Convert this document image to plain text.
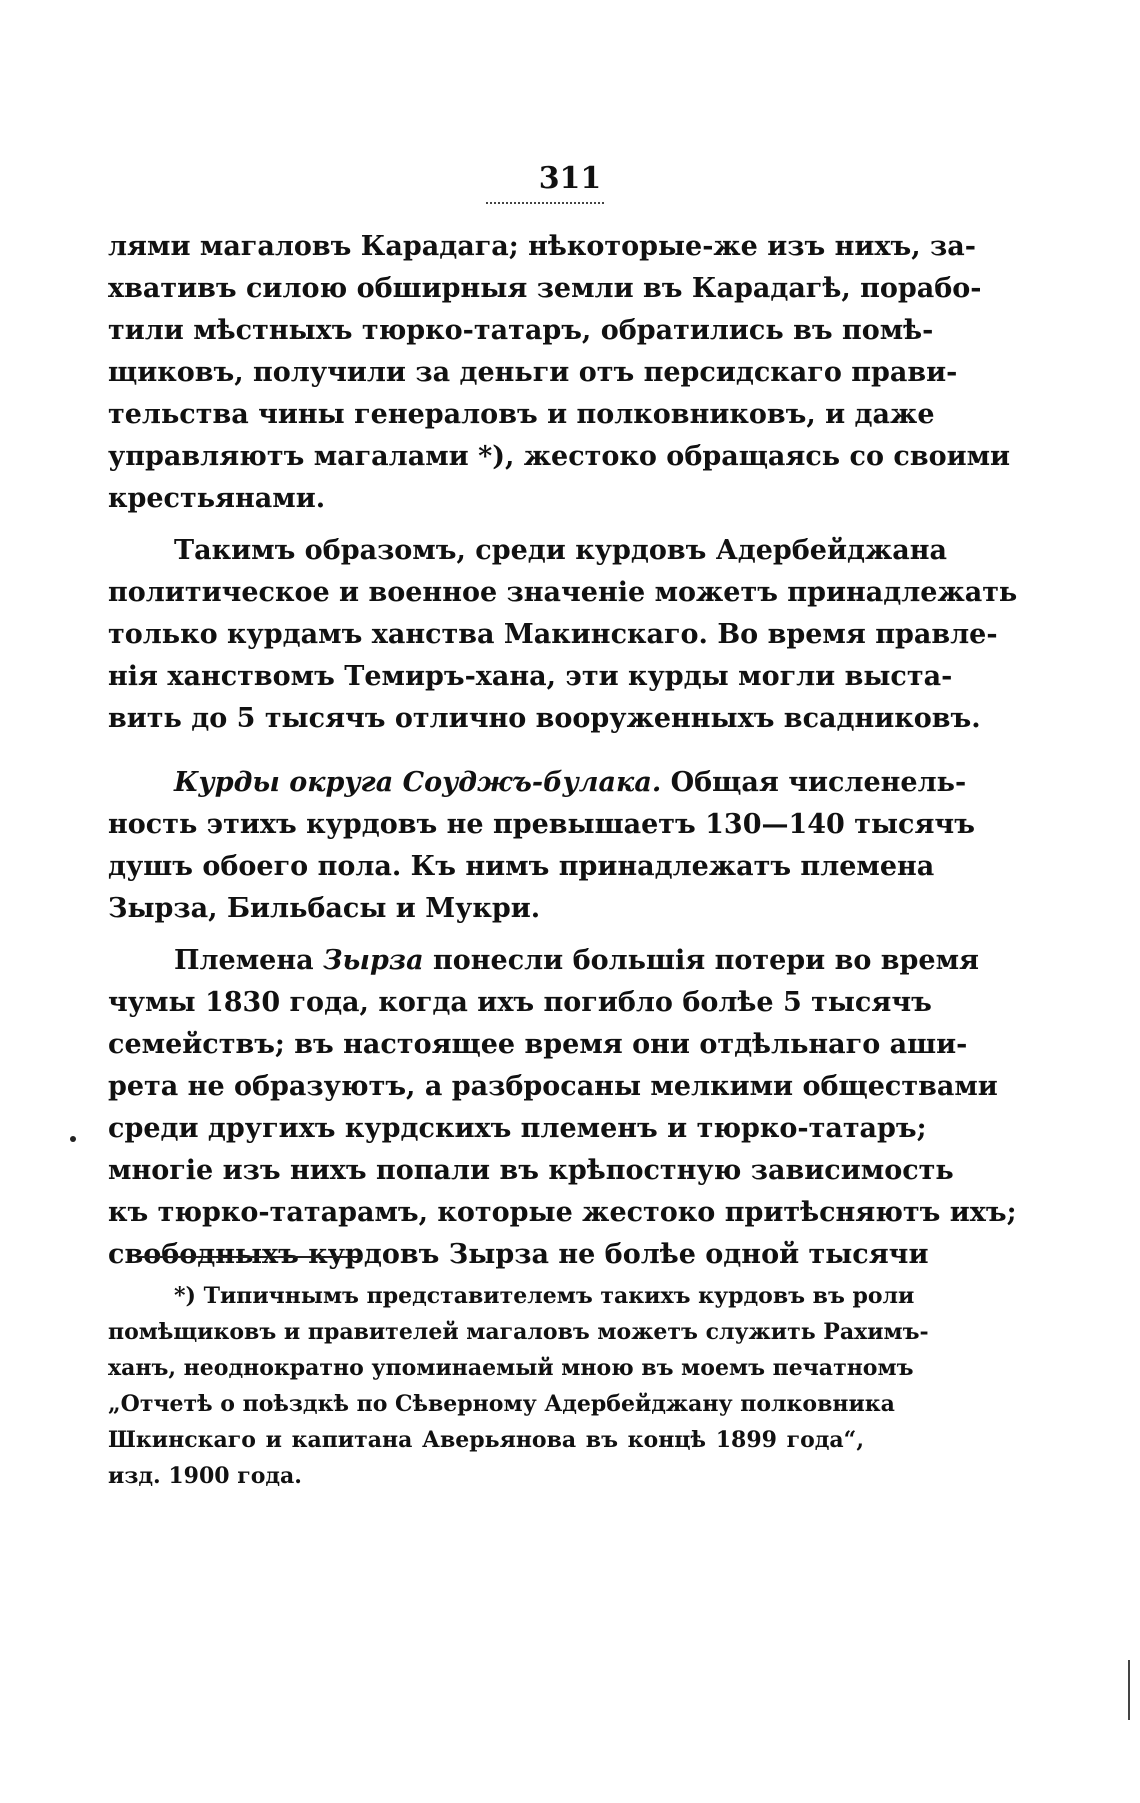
311
лями магаловъ Карадага; нѣкоторые-же изъ нихъ, за-
хвативъ силою обширныя земли въ Карадагѣ, порабо-
тили мѣстныхъ тюрко-татаръ, обратились въ помѣ-
щиковъ, получили за деньги отъ персидскаго прави-
тельства чины генераловъ и полковниковъ, и даже
управляютъ магалами *), жестоко обращаясь со своими
крестьянами.
Такимъ образомъ, среди курдовъ Адербейджана
политическое и военное значенiе можетъ принадлежать
только курдамъ ханства Макинскаго. Во время правле-
нiя ханствомъ Темиръ-хана, эти курды могли выста-
вить до 5 тысячъ отлично вооруженныхъ всадниковъ.
Курды округа Соуджъ-булака. Общая численель-
ность этихъ курдовъ не превышаетъ 130—140 тысячъ
душъ обоего пола. Къ нимъ принадлежатъ племена
Зырза, Бильбасы и Мукри.
Племена Зырза понесли большiя потери во время
чумы 1830 года, когда ихъ погибло болѣе 5 тысячъ
семействъ; въ настоящее время они отдѣльнаго аши-
рета не образуютъ, а разбросаны мелкими обществами
среди другихъ курдскихъ племенъ и тюрко-татаръ;
многiе изъ нихъ попали въ крѣпостную зависимость
къ тюрко-татарамъ, которые жестоко притѣсняютъ ихъ;
свободныхъ курдовъ Зырза не болѣе одной тысячи
*) Типичнымъ представителемъ такихъ курдовъ въ роли
помѣщиковъ и правителей магаловъ можетъ служить Рахимъ-
ханъ, неоднократно упоминаемый мною въ моемъ печатномъ
„Отчетѣ о поѣздкѣ по Сѣверному Адербейджану полковника
Шкинскаго и капитана Аверьянова въ концѣ 1899 года“,
изд. 1900 года.
